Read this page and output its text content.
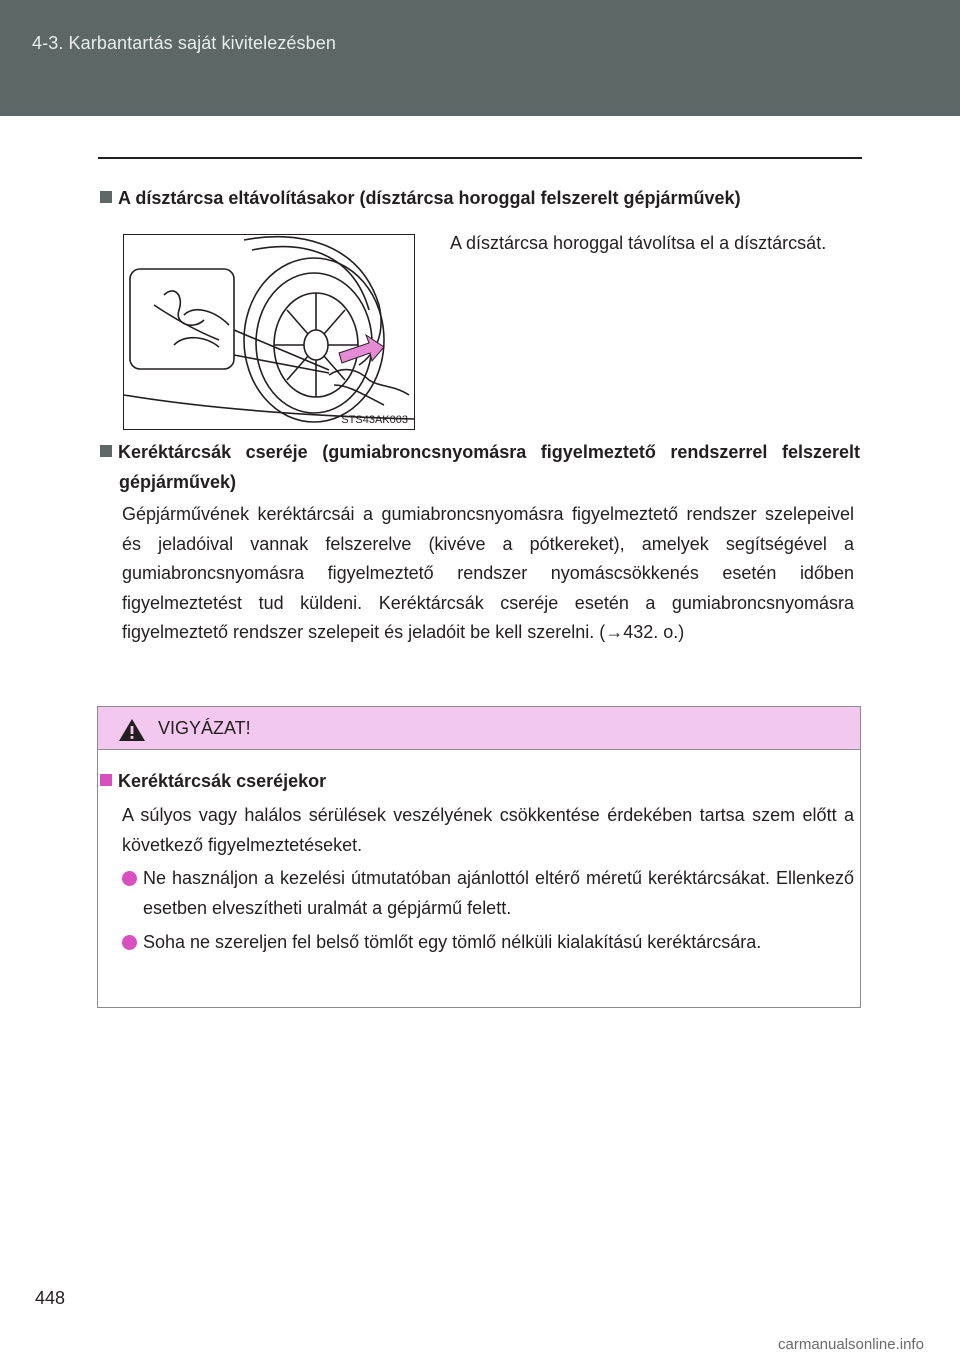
4-3. Karbantartás saját kivitelezésben
A dísztárcsa eltávolításakor (dísztárcsa horoggal felszerelt gépjárművek)
STS43AK003
A dísztárcsa horoggal távolítsa el a dísztárcsát.
Keréktárcsák cseréje (gumiabroncsnyomásra figyelmeztető rendszerrel felszerelt gépjárművek)
Gépjárművének keréktárcsái a gumiabroncsnyomásra figyelmeztető rendszer szelepeivel és jeladóival vannak felszerelve (kivéve a pótkereket), amelyek segítségével a gumiabroncsnyomásra figyelmeztető rendszer nyomáscsökkenés esetén időben figyelmeztetést tud küldeni. Keréktárcsák cseréje esetén a gumiabroncsnyomásra figyelmeztető rendszer szelepeit és jeladóit be kell szerelni. (→432. o.)
VIGYÁZAT!
Keréktárcsák cseréjekor
A súlyos vagy halálos sérülések veszélyének csökkentése érdekében tartsa szem előtt a következő figyelmeztetéseket.
Ne használjon a kezelési útmutatóban ajánlottól eltérő méretű keréktárcsákat. Ellenkező esetben elveszítheti uralmát a gépjármű felett.
Soha ne szereljen fel belső tömlőt egy tömlő nélküli kialakítású keréktárcsára.
448
carmanualsonline.info
